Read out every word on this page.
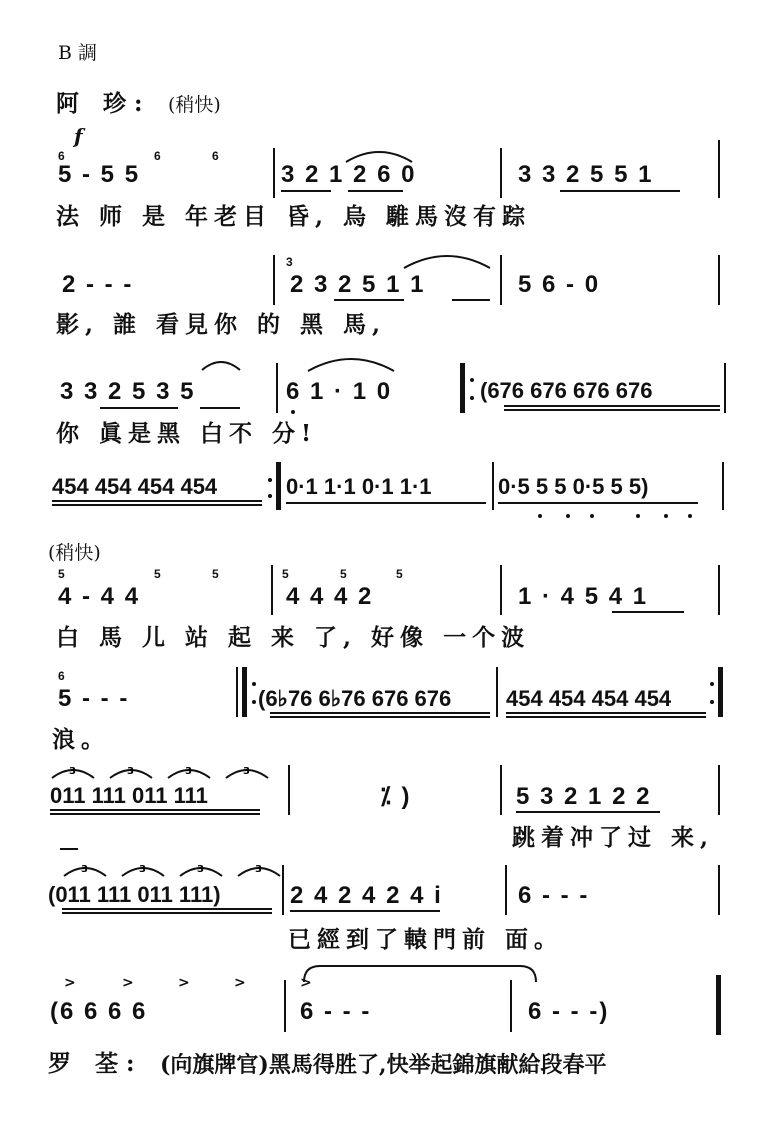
B 調
阿 珍: (稍快)
f
6	6	6
5 - 5 5	3 2 1 2 6 0	3 3 2 5 5 1
法 师 是 年老目 昏, 烏 騅馬沒有踪
2 - - -
3
2 3 2 5 1 1	5 6 - 0
影, 誰 看見你 的 黑 馬,
3 3 2 5 3 5	6 1 · 1 0	(676 676 676 676
你 眞是黑 白不 分!
454 454 454 454	0·1 1·1 0·1 1·1	0·5 5 5 0·5 5 5)
(稍快)
5	5	5
4 - 4 4
5	5	5
4 4 4 2	1 · 4 5 4 1
白 馬 儿 站 起 来 了, 好像 一个波
6
5 - - -	(6♭76 6♭76 676 676 454 454 454 454
浪。
3	3	3	3
011 111 011 111	⁒ )	5 3 2 1 2 2
跳着冲了过 来,
3	3	3	3
(011 111 011 111)	2 4 2 4 2 4 i	6 - - -
已經到了轅門前 面。
>	>	>	>	>
(6 6 6 6	6 - - -	6 - - -)
罗 荃: (向旗牌官)黑馬得胜了,快举起錦旗献給段春平
